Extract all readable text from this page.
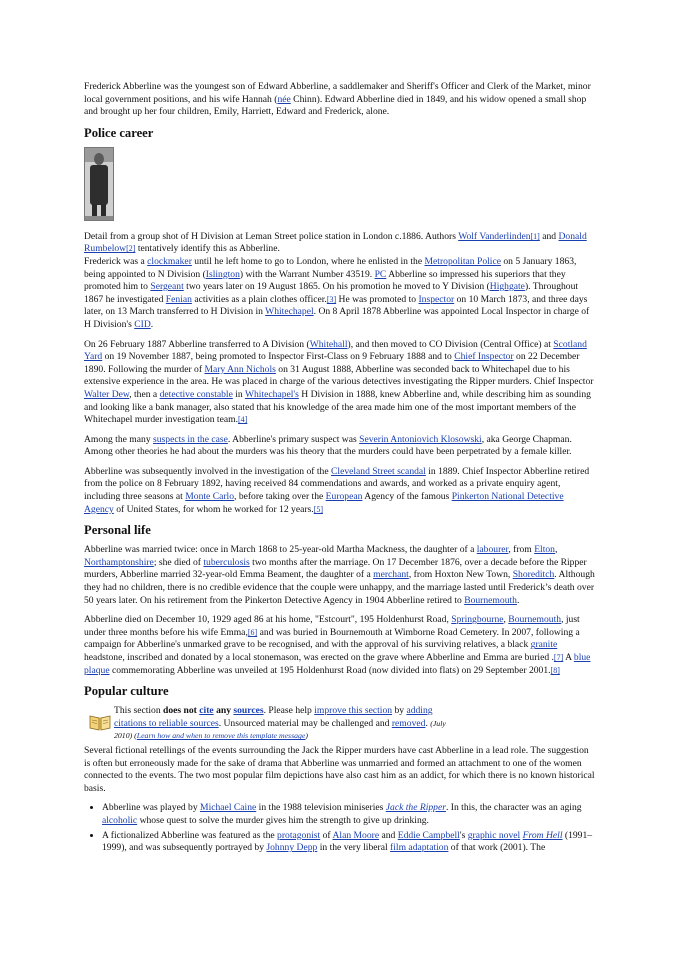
Frederick Abberline was the youngest son of Edward Abberline, a saddlemaker and Sheriff's Officer and Clerk of the Market, minor local government positions, and his wife Hannah (née Chinn). Edward Abberline died in 1849, and his widow opened a small shop and brought up her four children, Emily, Harriett, Edward and Frederick, alone.

Police career

Detail from a group shot of H Division at Leman Street police station in London c.1886. Authors Wolf Vanderlinden[1] and Donald Rumbelow[2] tentatively identify this as Abberline.

Frederick was a clockmaker until he left home to go to London, where he enlisted in the Metropolitan Police on 5 January 1863, being appointed to N Division (Islington) with the Warrant Number 43519. PC Abberline so impressed his superiors that they promoted him to Sergeant two years later on 19 August 1865. On his promotion he moved to Y Division (Highgate). Throughout 1867 he investigated Fenian activities as a plain clothes officer.[3] He was promoted to Inspector on 10 March 1873, and three days later, on 13 March transferred to H Division in Whitechapel. On 8 April 1878 Abberline was appointed Local Inspector in charge of H Division's CID.

On 26 February 1887 Abberline transferred to A Division (Whitehall), and then moved to CO Division (Central Office) at Scotland Yard on 19 November 1887, being promoted to Inspector First-Class on 9 February 1888 and to Chief Inspector on 22 December 1890. Following the murder of Mary Ann Nichols on 31 August 1888, Abberline was seconded back to Whitechapel due to his extensive experience in the area. He was placed in charge of the various detectives investigating the Ripper murders. Chief Inspector Walter Dew, then a detective constable in Whitechapel's H Division in 1888, knew Abberline and, while describing him as sounding and looking like a bank manager, also stated that his knowledge of the area made him one of the most important members of the Whitechapel murder investigation team.[4]

Among the many suspects in the case. Abberline's primary suspect was Severin Antoniovich Klosowski, aka George Chapman. Among other theories he had about the murders was his theory that the murders could have been perpetrated by a female killer.

Abberline was subsequently involved in the investigation of the Cleveland Street scandal in 1889. Chief Inspector Abberline retired from the police on 8 February 1892, having received 84 commendations and awards, and worked as a private enquiry agent, including three seasons at Monte Carlo, before taking over the European Agency of the famous Pinkerton National Detective Agency of United States, for whom he worked for 12 years.[5]

Personal life

Abberline was married twice: once in March 1868 to 25-year-old Martha Mackness, the daughter of a labourer, from Elton, Northamptonshire; she died of tuberculosis two months after the marriage. On 17 December 1876, over a decade before the Ripper murders, Abberline married 32-year-old Emma Beament, the daughter of a merchant, from Hoxton New Town, Shoreditch. Although they had no children, there is no credible evidence that the couple were unhappy, and the marriage lasted until Frederick’s death over 50 years later. On his retirement from the Pinkerton Detective Agency in 1904 Abberline retired to Bournemouth.

Abberline died on December 10, 1929 aged 86 at his home, "Estcourt", 195 Holdenhurst Road, Springbourne, Bournemouth, just under three months before his wife Emma,[6] and was buried in Bournemouth at Wimborne Road Cemetery. In 2007, following a campaign for Abberline's unmarked grave to be recognised, and with the approval of his surviving relatives, a black granite headstone, inscribed and donated by a local stonemason, was erected on the grave where Abberline and Emma are buried .[7] A blue plaque commemorating Abberline was unveiled at 195 Holdenhurst Road (now divided into flats) on 29 September 2001.[8]

Popular culture
This section does not cite any sources. Please help improve this section by adding citations to reliable sources. Unsourced material may be challenged and removed. (July 2010) (Learn how and when to remove this template message)

Several fictional retellings of the events surrounding the Jack the Ripper murders have cast Abberline in a lead role. The suggestion is often but erroneously made for the sake of drama that Abberline was unmarried and formed an attachment to one of the women connected to the events. The two most popular film depictions have also cast him as an addict, for which there is no known historical basis.

• Abberline was played by Michael Caine in the 1988 television miniseries Jack the Ripper. In this, the character was an aging alcoholic whose quest to solve the murder gives him the strength to give up drinking.
• A fictionalized Abberline was featured as the protagonist of Alan Moore and Eddie Campbell's graphic novel From Hell (1991–1999), and was subsequently portrayed by Johnny Depp in the very liberal film adaptation of that work (2001). The
